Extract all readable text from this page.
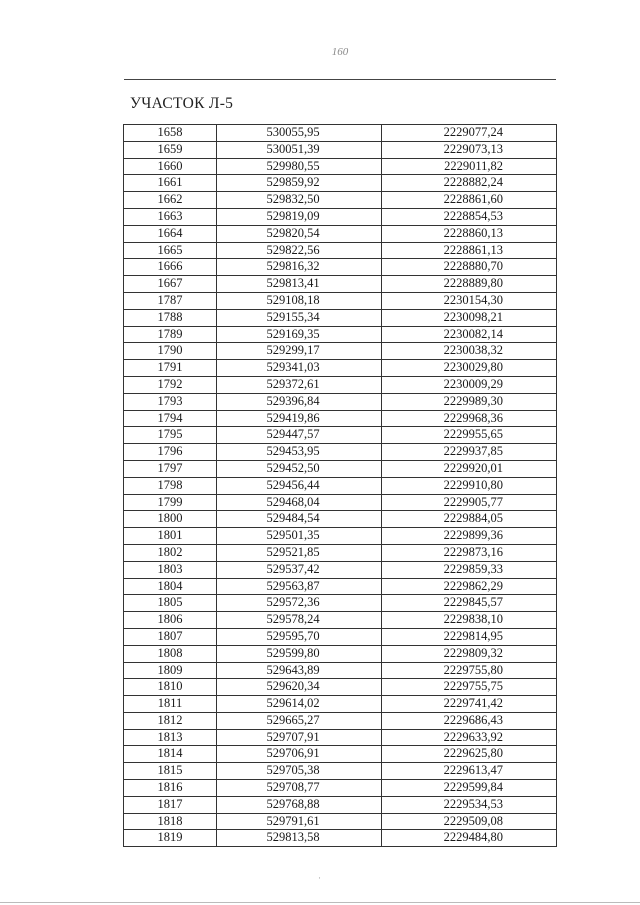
160
УЧАСТОК Л-5
1658	530055,95	2229077,24
1659	530051,39	2229073,13
1660	529980,55	2229011,82
1661	529859,92	2228882,24
1662	529832,50	2228861,60
1663	529819,09	2228854,53
1664	529820,54	2228860,13
1665	529822,56	2228861,13
1666	529816,32	2228880,70
1667	529813,41	2228889,80
1787	529108,18	2230154,30
1788	529155,34	2230098,21
1789	529169,35	2230082,14
1790	529299,17	2230038,32
1791	529341,03	2230029,80
1792	529372,61	2230009,29
1793	529396,84	2229989,30
1794	529419,86	2229968,36
1795	529447,57	2229955,65
1796	529453,95	2229937,85
1797	529452,50	2229920,01
1798	529456,44	2229910,80
1799	529468,04	2229905,77
1800	529484,54	2229884,05
1801	529501,35	2229899,36
1802	529521,85	2229873,16
1803	529537,42	2229859,33
1804	529563,87	2229862,29
1805	529572,36	2229845,57
1806	529578,24	2229838,10
1807	529595,70	2229814,95
1808	529599,80	2229809,32
1809	529643,89	2229755,80
1810	529620,34	2229755,75
1811	529614,02	2229741,42
1812	529665,27	2229686,43
1813	529707,91	2229633,92
1814	529706,91	2229625,80
1815	529705,38	2229613,47
1816	529708,77	2229599,84
1817	529768,88	2229534,53
1818	529791,61	2229509,08
1819	529813,58	2229484,80
·
